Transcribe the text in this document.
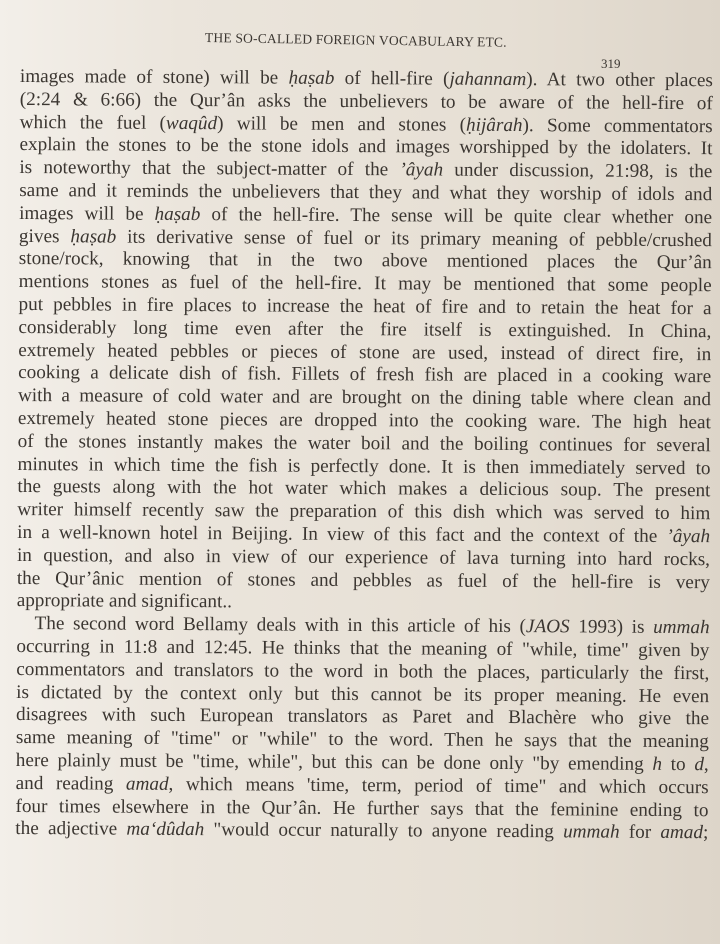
THE SO-CALLED FOREIGN VOCABULARY ETC.
319
images made of stone) will be ḥaṣab of hell-fire (jahannam). At two other places
(2:24 & 6:66) the Qur’ân asks the unbelievers to be aware of the hell-fire of
which the fuel (waqûd) will be men and stones (ḥijârah). Some commentators
explain the stones to be the stone idols and images worshipped by the idolaters. It
is noteworthy that the subject-matter of the ’âyah under discussion, 21:98, is the
same and it reminds the unbelievers that they and what they worship of idols and
images will be ḥaṣab of the hell-fire. The sense will be quite clear whether one
gives ḥaṣab its derivative sense of fuel or its primary meaning of pebble/crushed
stone/rock, knowing that in the two above mentioned places the Qur’ân
mentions stones as fuel of the hell-fire. It may be mentioned that some people
put pebbles in fire places to increase the heat of fire and to retain the heat for a
considerably long time even after the fire itself is extinguished. In China,
extremely heated pebbles or pieces of stone are used, instead of direct fire, in
cooking a delicate dish of fish. Fillets of fresh fish are placed in a cooking ware
with a measure of cold water and are brought on the dining table where clean and
extremely heated stone pieces are dropped into the cooking ware. The high heat
of the stones instantly makes the water boil and the boiling continues for several
minutes in which time the fish is perfectly done. It is then immediately served to
the guests along with the hot water which makes a delicious soup. The present
writer himself recently saw the preparation of this dish which was served to him
in a well-known hotel in Beijing. In view of this fact and the context of the ’âyah
in question, and also in view of our experience of lava turning into hard rocks,
the Qur’ânic mention of stones and pebbles as fuel of the hell-fire is very
appropriate and significant..
The second word Bellamy deals with in this article of his (JAOS 1993) is ummah
occurring in 11:8 and 12:45. He thinks that the meaning of "while, time" given by
commentators and translators to the word in both the places, particularly the first,
is dictated by the context only but this cannot be its proper meaning. He even
disagrees with such European translators as Paret and Blachère who give the
same meaning of "time" or "while" to the word. Then he says that the meaning
here plainly must be "time, while", but this can be done only "by emending h to d,
and reading amad, which means 'time, term, period of time" and which occurs
four times elsewhere in the Qur’ân. He further says that the feminine ending to
the adjective ma‘dûdah "would occur naturally to anyone reading ummah for amad;
